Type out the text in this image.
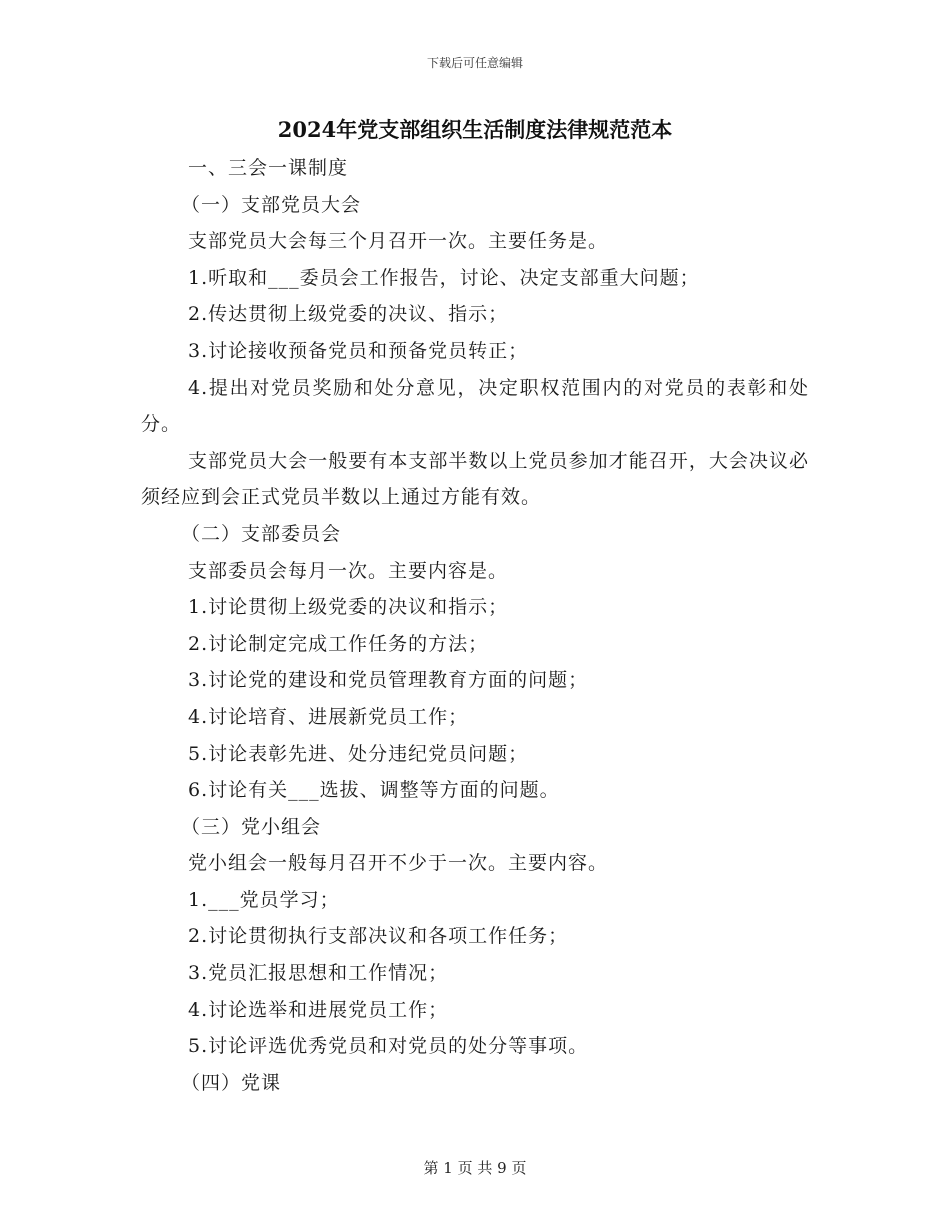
下载后可任意编辑
2024年党支部组织生活制度法律规范范本

一、三会一课制度

（一）支部党员大会

支部党员大会每三个月召开一次。主要任务是。

1.听取和___委员会工作报告，讨论、决定支部重大问题；

2.传达贯彻上级党委的决议、指示；

3.讨论接收预备党员和预备党员转正；

4.提出对党员奖励和处分意见，决定职权范围内的对党员的表彰和处分。

支部党员大会一般要有本支部半数以上党员参加才能召开，大会决议必须经应到会正式党员半数以上通过方能有效。

（二）支部委员会

支部委员会每月一次。主要内容是。

1.讨论贯彻上级党委的决议和指示；

2.讨论制定完成工作任务的方法；

3.讨论党的建设和党员管理教育方面的问题；

4.讨论培育、进展新党员工作；

5.讨论表彰先进、处分违纪党员问题；

6.讨论有关___选拔、调整等方面的问题。

（三）党小组会

党小组会一般每月召开不少于一次。主要内容。

1.___党员学习；

2.讨论贯彻执行支部决议和各项工作任务；

3.党员汇报思想和工作情况；

4.讨论选举和进展党员工作；

5.讨论评选优秀党员和对党员的处分等事项。

（四）党课

第 1 页 共 9 页
